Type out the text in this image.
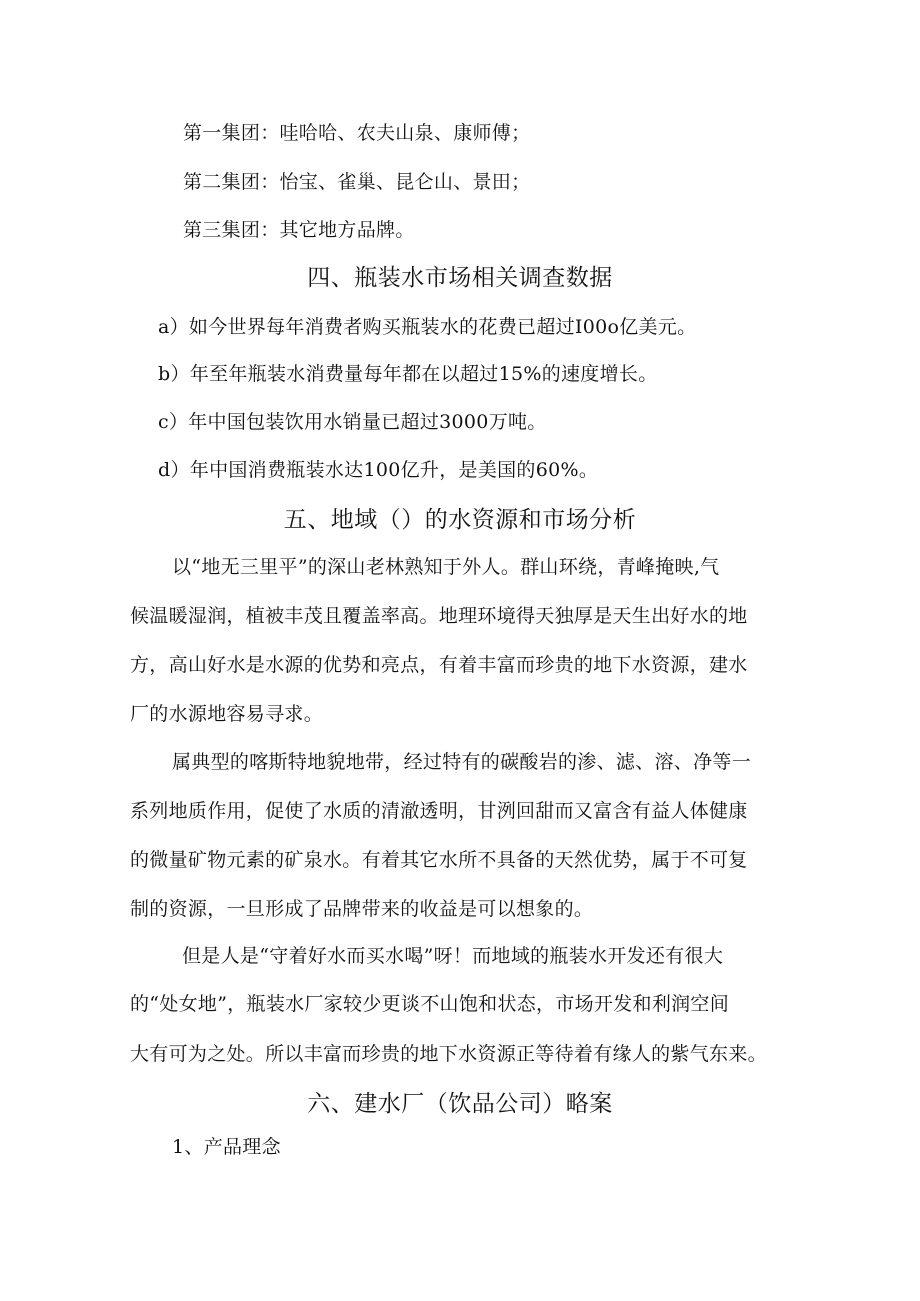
第一集团：哇哈哈、农夫山泉、康师傅；
第二集团：怡宝、雀巢、昆仑山、景田；
第三集团：其它地方品牌。
四、瓶装水市场相关调查数据
a）如今世界每年消费者购买瓶装水的花费已超过I00o亿美元。
b）年至年瓶装水消费量每年都在以超过15%的速度增长。
c）年中国包装饮用水销量已超过3000万吨。
d）年中国消费瓶装水达100亿升，是美国的60%。
五、地域（）的水资源和市场分析
以“地无三里平”的深山老林熟知于外人。群山环绕，青峰掩映,气
候温暖湿润，植被丰茂且覆盖率高。地理环境得天独厚是天生出好水的地
方，高山好水是水源的优势和亮点，有着丰富而珍贵的地下水资源，建水
厂的水源地容易寻求。
属典型的喀斯特地貌地带，经过特有的碳酸岩的渗、滤、溶、净等一
系列地质作用，促使了水质的清澈透明，甘洌回甜而又富含有益人体健康
的微量矿物元素的矿泉水。有着其它水所不具备的天然优势，属于不可复
制的资源，一旦形成了品牌带来的收益是可以想象的。
但是人是“守着好水而买水喝”呀！而地域的瓶装水开发还有很大
的“处女地”，瓶装水厂家较少更谈不山饱和状态，市场开发和利润空间
大有可为之处。所以丰富而珍贵的地下水资源正等待着有缘人的紫气东来。
六、建水厂（饮品公司）略案
1、产品理念
